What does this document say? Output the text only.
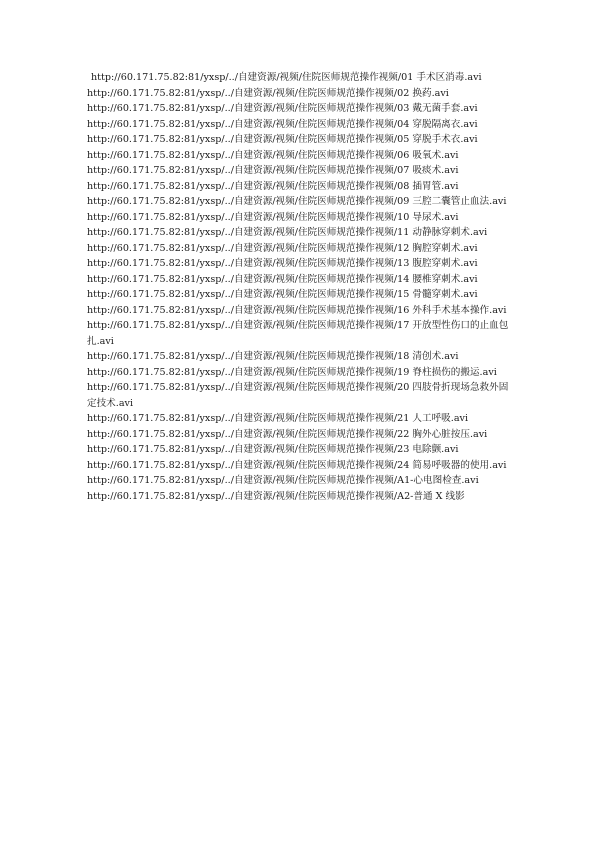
http://60.171.75.82:81/yxsp/../自建资源/视频/住院医师规范操作视频/01 手术区消毒.avi

http://60.171.75.82:81/yxsp/../自建资源/视频/住院医师规范操作视频/02 换药.avi

http://60.171.75.82:81/yxsp/../自建资源/视频/住院医师规范操作视频/03 戴无菌手套.avi

http://60.171.75.82:81/yxsp/../自建资源/视频/住院医师规范操作视频/04 穿脱隔离衣.avi

http://60.171.75.82:81/yxsp/../自建资源/视频/住院医师规范操作视频/05 穿脱手术衣.avi

http://60.171.75.82:81/yxsp/../自建资源/视频/住院医师规范操作视频/06 吸氧术.avi

http://60.171.75.82:81/yxsp/../自建资源/视频/住院医师规范操作视频/07 吸痰术.avi

http://60.171.75.82:81/yxsp/../自建资源/视频/住院医师规范操作视频/08 插胃管.avi

http://60.171.75.82:81/yxsp/../自建资源/视频/住院医师规范操作视频/09 三腔二囊管止血法.avi

http://60.171.75.82:81/yxsp/../自建资源/视频/住院医师规范操作视频/10 导尿术.avi

http://60.171.75.82:81/yxsp/../自建资源/视频/住院医师规范操作视频/11 动静脉穿刺术.avi

http://60.171.75.82:81/yxsp/../自建资源/视频/住院医师规范操作视频/12 胸腔穿刺术.avi

http://60.171.75.82:81/yxsp/../自建资源/视频/住院医师规范操作视频/13 腹腔穿刺术.avi

http://60.171.75.82:81/yxsp/../自建资源/视频/住院医师规范操作视频/14 腰椎穿刺术.avi

http://60.171.75.82:81/yxsp/../自建资源/视频/住院医师规范操作视频/15 骨髓穿刺术.avi

http://60.171.75.82:81/yxsp/../自建资源/视频/住院医师规范操作视频/16 外科手术基本操作.avi

http://60.171.75.82:81/yxsp/../自建资源/视频/住院医师规范操作视频/17 开放型性伤口的止血包扎.avi

http://60.171.75.82:81/yxsp/../自建资源/视频/住院医师规范操作视频/18 清创术.avi

http://60.171.75.82:81/yxsp/../自建资源/视频/住院医师规范操作视频/19 脊柱损伤的搬运.avi

http://60.171.75.82:81/yxsp/../自建资源/视频/住院医师规范操作视频/20 四肢骨折现场急救外固定技术.avi

http://60.171.75.82:81/yxsp/../自建资源/视频/住院医师规范操作视频/21 人工呼吸.avi

http://60.171.75.82:81/yxsp/../自建资源/视频/住院医师规范操作视频/22 胸外心脏按压.avi

http://60.171.75.82:81/yxsp/../自建资源/视频/住院医师规范操作视频/23 电除颤.avi

http://60.171.75.82:81/yxsp/../自建资源/视频/住院医师规范操作视频/24 简易呼吸器的使用.avi

http://60.171.75.82:81/yxsp/../自建资源/视频/住院医师规范操作视频/A1-心电图检查.avi

http://60.171.75.82:81/yxsp/../自建资源/视频/住院医师规范操作视频/A2-普通 X 线影
